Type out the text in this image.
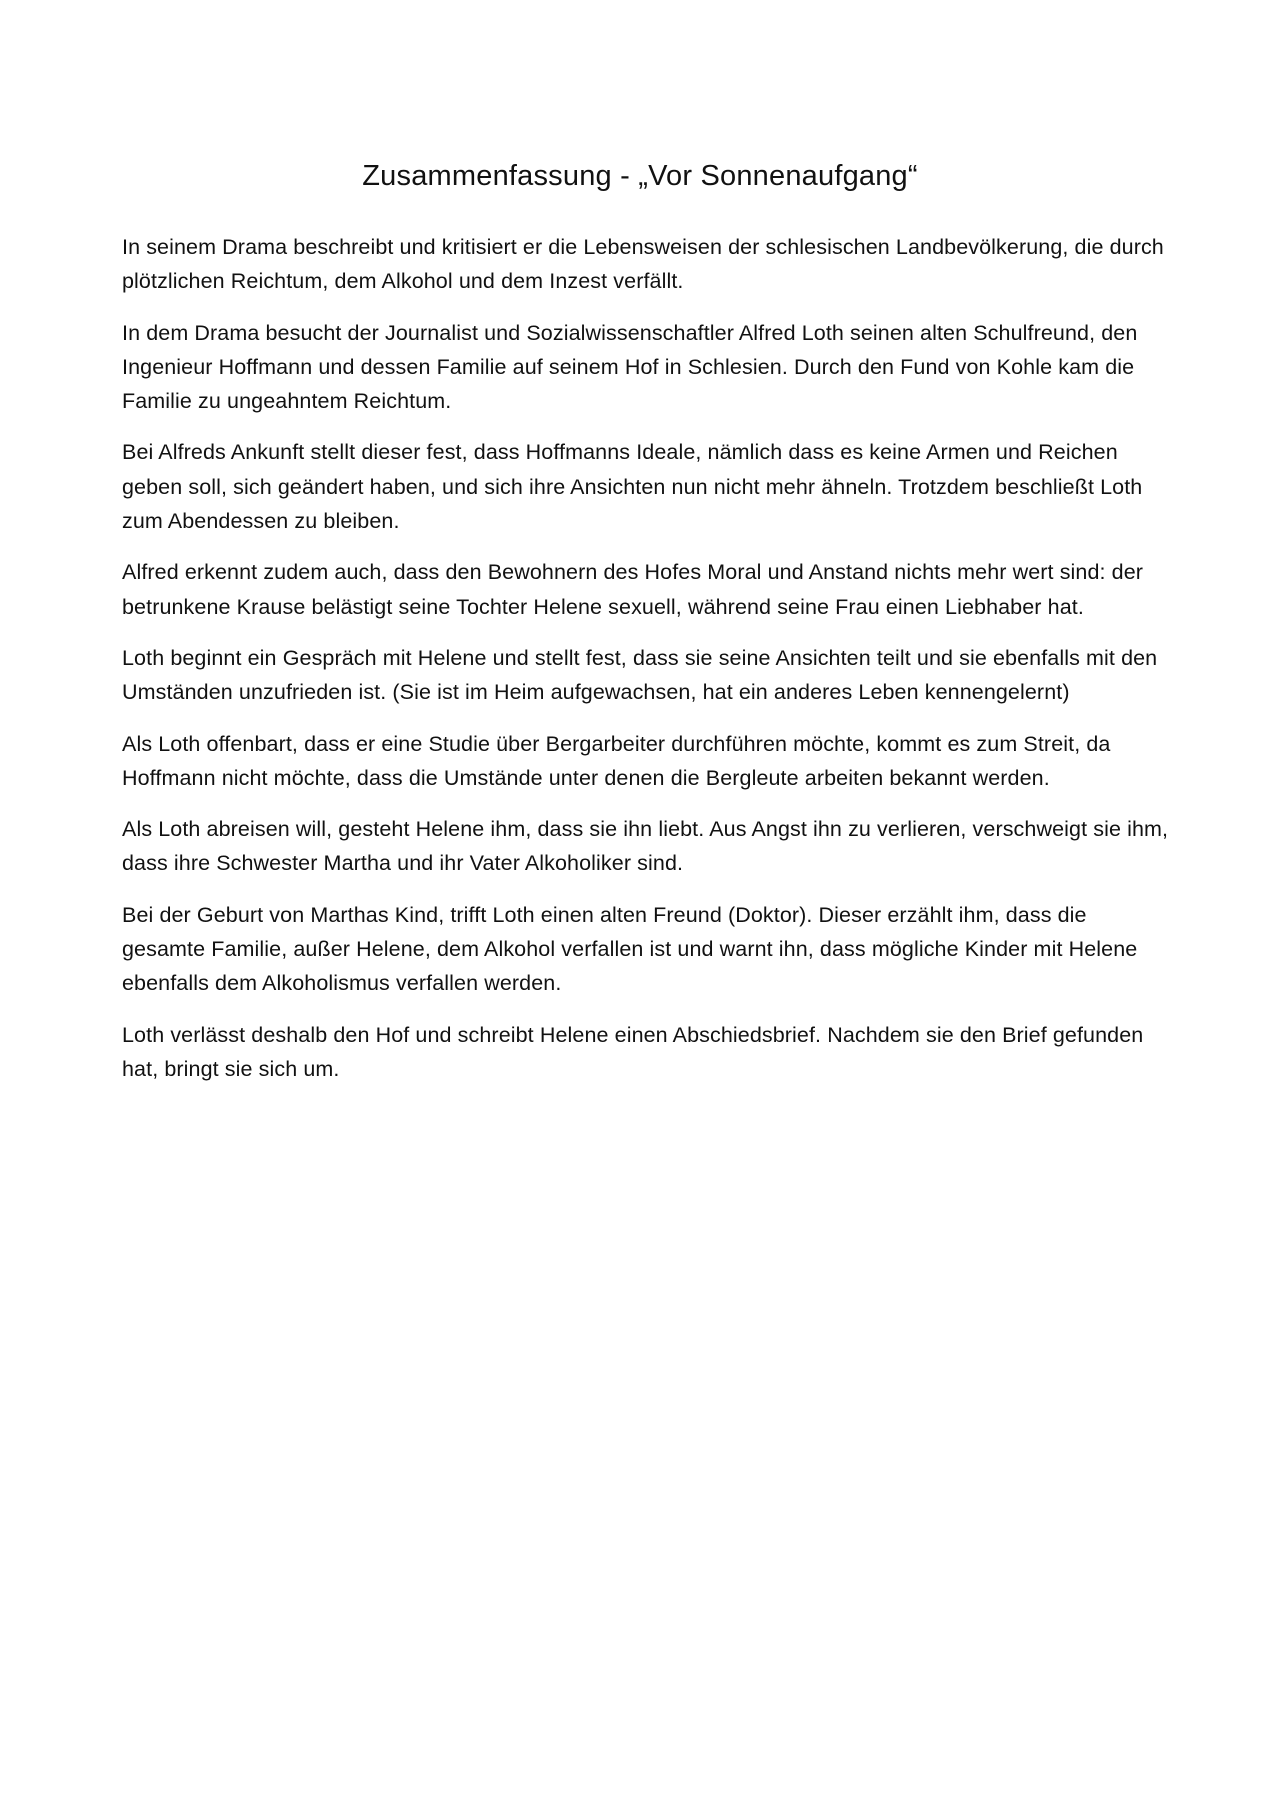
Zusammenfassung - „Vor Sonnenaufgang“

In seinem Drama beschreibt und kritisiert er die Lebensweisen der schlesischen Landbevölkerung, die durch plötzlichen Reichtum, dem Alkohol und dem Inzest verfällt.

In dem Drama besucht der Journalist und Sozialwissenschaftler Alfred Loth seinen alten Schulfreund, den Ingenieur Hoffmann und dessen Familie auf seinem Hof in Schlesien. Durch den Fund von Kohle kam die Familie zu ungeahntem Reichtum.

Bei Alfreds Ankunft stellt dieser fest, dass Hoffmanns Ideale, nämlich dass es keine Armen und Reichen geben soll, sich geändert haben, und sich ihre Ansichten nun nicht mehr ähneln. Trotzdem beschließt Loth zum Abendessen zu bleiben.

Alfred erkennt zudem auch, dass den Bewohnern des Hofes Moral und Anstand nichts mehr wert sind: der betrunkene Krause belästigt seine Tochter Helene sexuell, während seine Frau einen Liebhaber hat.

Loth beginnt ein Gespräch mit Helene und stellt fest, dass sie seine Ansichten teilt und sie ebenfalls mit den Umständen unzufrieden ist. (Sie ist im Heim aufgewachsen, hat ein anderes Leben kennengelernt)

Als Loth offenbart, dass er eine Studie über Bergarbeiter durchführen möchte, kommt es zum Streit, da Hoffmann nicht möchte, dass die Umstände unter denen die Bergleute arbeiten bekannt werden.

Als Loth abreisen will, gesteht Helene ihm, dass sie ihn liebt. Aus Angst ihn zu verlieren, verschweigt sie ihm, dass ihre Schwester Martha und ihr Vater Alkoholiker sind.

Bei der Geburt von Marthas Kind, trifft Loth einen alten Freund (Doktor). Dieser erzählt ihm, dass die gesamte Familie, außer Helene, dem Alkohol verfallen ist und warnt ihn, dass mögliche Kinder mit Helene ebenfalls dem Alkoholismus verfallen werden.

Loth verlässt deshalb den Hof und schreibt Helene einen Abschiedsbrief. Nachdem sie den Brief gefunden hat, bringt sie sich um.
